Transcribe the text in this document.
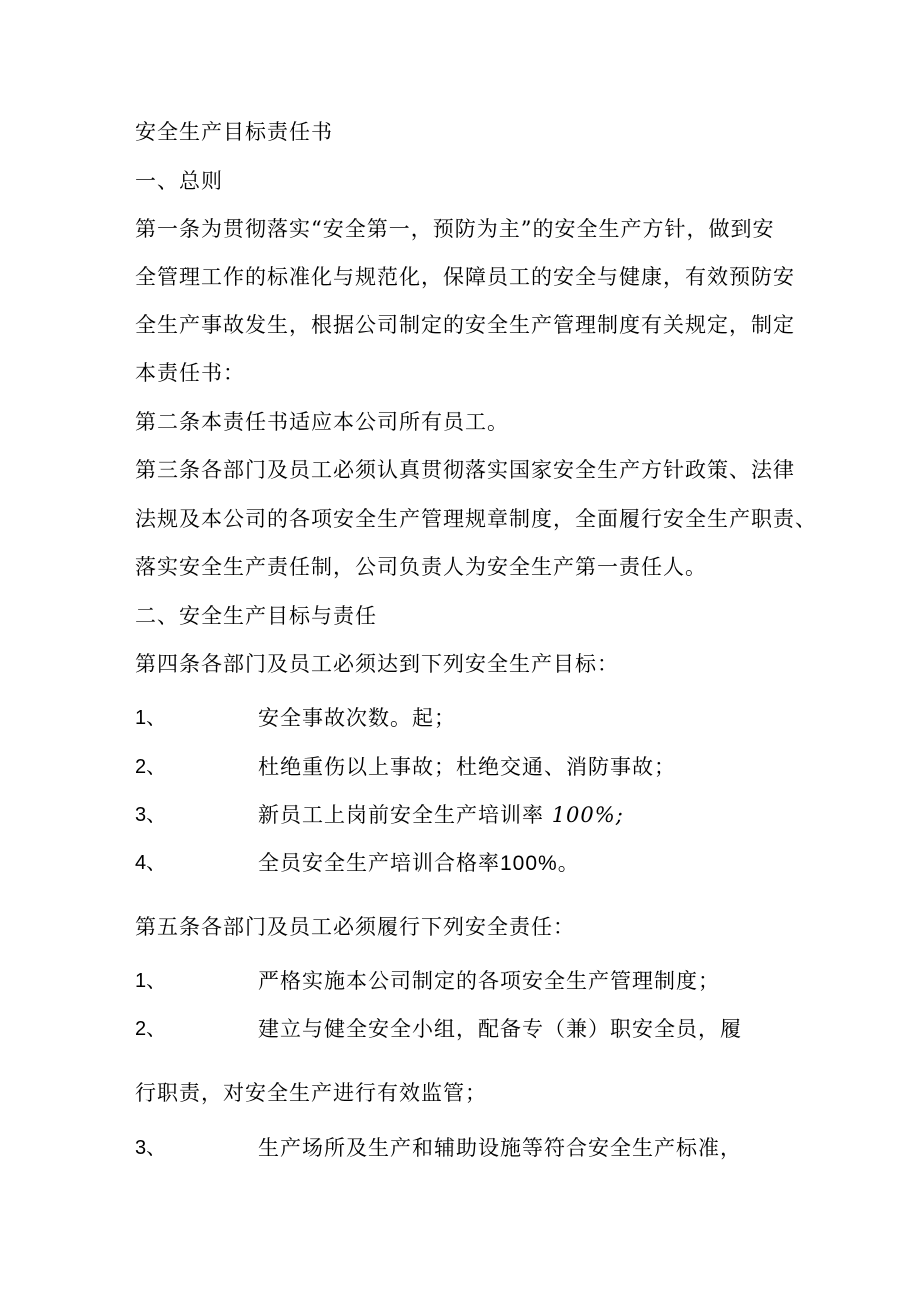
安全生产目标责任书
一、总则
第一条为贯彻落实“安全第一，预防为主”的安全生产方针，做到安
全管理工作的标准化与规范化，保障员工的安全与健康，有效预防安
全生产事故发生，根据公司制定的安全生产管理制度有关规定，制定
本责任书：
第二条本责任书适应本公司所有员工。
第三条各部门及员工必须认真贯彻落实国家安全生产方针政策、法律
法规及本公司的各项安全生产管理规章制度，全面履行安全生产职责、
落实安全生产责任制，公司负责人为安全生产第一责任人。
二、安全生产目标与责任
第四条各部门及员工必须达到下列安全生产目标：
1、	安全事故次数。起；
2、	杜绝重伤以上事故；杜绝交通、消防事故；
3、	新员工上岗前安全生产培训率 100%;
4、	全员安全生产培训合格率100%。
第五条各部门及员工必须履行下列安全责任：
1、	严格实施本公司制定的各项安全生产管理制度；
2、	建立与健全安全小组，配备专（兼）职安全员，履
行职责，对安全生产进行有效监管；
3、	生产场所及生产和辅助设施等符合安全生产标准，
